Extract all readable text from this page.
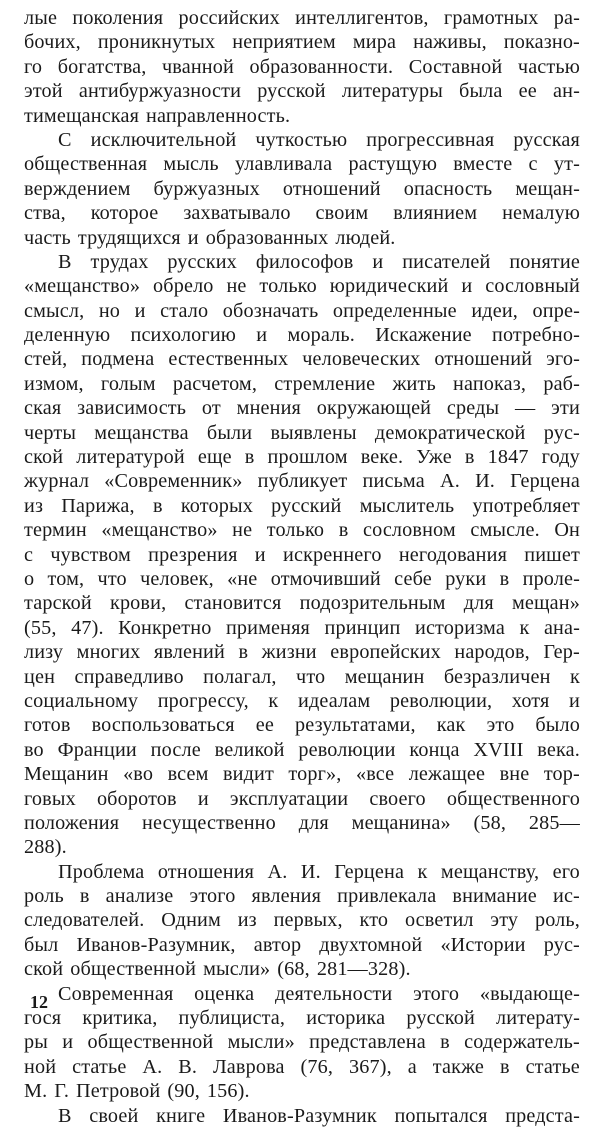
лые поколения российских интеллигентов, грамотных ра-
бочих, проникнутых неприятием мира наживы, показно-
го богатства, чванной образованности. Составной частью
этой антибуржуазности русской литературы была ее ан-
тимещанская направленность.
С исключительной чуткостью прогрессивная русская
общественная мысль улавливала растущую вместе с ут-
верждением буржуазных отношений опасность мещан-
ства, которое захватывало своим влиянием немалую
часть трудящихся и образованных людей.
В трудах русских философов и писателей понятие
«мещанство» обрело не только юридический и сословный
смысл, но и стало обозначать определенные идеи, опре-
деленную психологию и мораль. Искажение потребно-
стей, подмена естественных человеческих отношений эго-
измом, голым расчетом, стремление жить напоказ, раб-
ская зависимость от мнения окружающей среды — эти
черты мещанства были выявлены демократической рус-
ской литературой еще в прошлом веке. Уже в 1847 году
журнал «Современник» публикует письма А. И. Герцена
из Парижа, в которых русский мыслитель употребляет
термин «мещанство» не только в сословном смысле. Он
с чувством презрения и искреннего негодования пишет
о том, что человек, «не отмочивший себе руки в проле-
тарской крови, становится подозрительным для мещан»
(55, 47). Конкретно применяя принцип историзма к ана-
лизу многих явлений в жизни европейских народов, Гер-
цен справедливо полагал, что мещанин безразличен к
социальному прогрессу, к идеалам революции, хотя и
готов воспользоваться ее результатами, как это было
во Франции после великой революции конца XVIII века.
Мещанин «во всем видит торг», «все лежащее вне тор-
говых оборотов и эксплуатации своего общественного
положения несущественно для мещанина» (58, 285—
288).
Проблема отношения А. И. Герцена к мещанству, его
роль в анализе этого явления привлекала внимание ис-
следователей. Одним из первых, кто осветил эту роль,
был Иванов-Разумник, автор двухтомной «Истории рус-
ской общественной мысли» (68, 281—328).
Современная оценка деятельности этого «выдающе-
гося критика, публициста, историка русской литерату-
ры и общественной мысли» представлена в содержатель-
ной статье А. В. Лаврова (76, 367), а также в статье
М. Г. Петровой (90, 156).
В своей книге Иванов-Разумник попытался предста-
12
